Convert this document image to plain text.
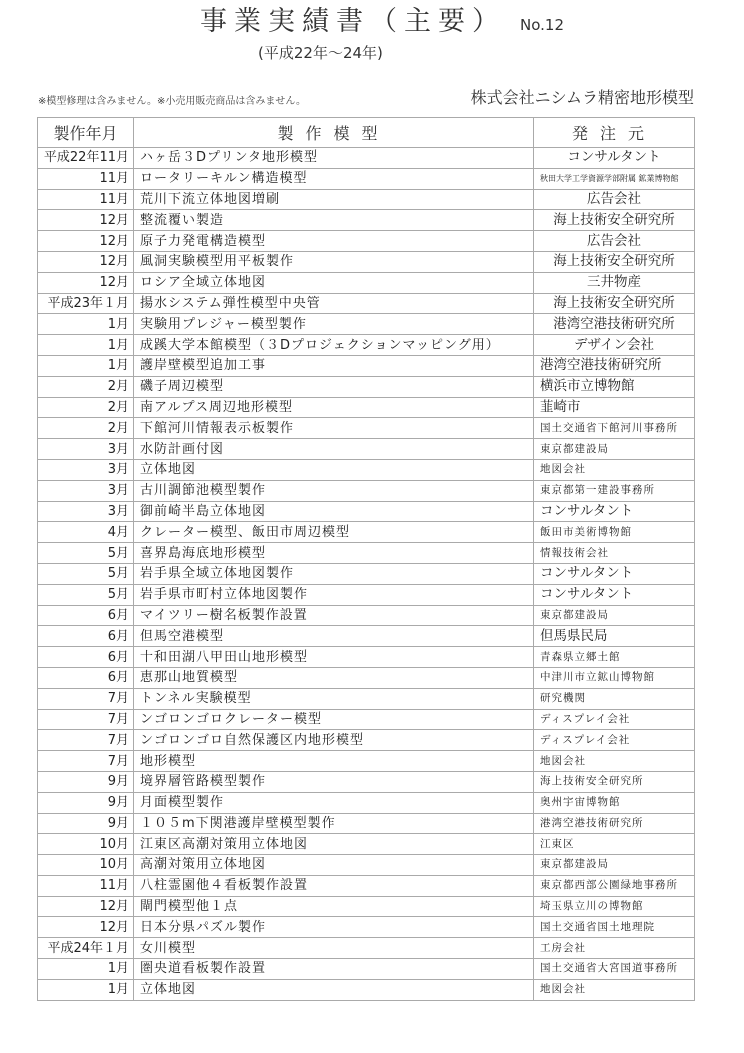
事業実績書（主要） No.12
(平成22年～24年)
※模型修理は含みません。※小売用販売商品は含みません。	株式会社ニシムラ精密地形模型
製作年月	製作模型	発注元
平成22年11月	ハヶ岳３Dプリンタ地形模型	コンサルタント
11月	ロータリーキルン構造模型	秋田大学工学資源学部附属 鉱業博物館
11月	荒川下流立体地図増刷	広告会社
12月	整流覆い製造	海上技術安全研究所
12月	原子力発電構造模型	広告会社
12月	風洞実験模型用平板製作	海上技術安全研究所
12月	ロシア全域立体地図	三井物産
平成23年１月	揚水システム弾性模型中央管	海上技術安全研究所
1月	実験用プレジャー模型製作	港湾空港技術研究所
1月	成蹊大学本館模型（３Dプロジェクションマッピング用）	デザイン会社
1月	護岸壁模型追加工事	港湾空港技術研究所
2月	磯子周辺模型	横浜市立博物館
2月	南アルプス周辺地形模型	韮崎市
2月	下館河川情報表示板製作	国土交通省下館河川事務所
3月	水防計画付図	東京都建設局
3月	立体地図	地図会社
3月	古川調節池模型製作	東京都第一建設事務所
3月	御前崎半島立体地図	コンサルタント
4月	クレーター模型、飯田市周辺模型	飯田市美術博物館
5月	喜界島海底地形模型	情報技術会社
5月	岩手県全域立体地図製作	コンサルタント
5月	岩手県市町村立体地図製作	コンサルタント
6月	マイツリー樹名板製作設置	東京都建設局
6月	但馬空港模型	但馬県民局
6月	十和田湖八甲田山地形模型	青森県立郷土館
6月	恵那山地質模型	中津川市立鉱山博物館
7月	トンネル実験模型	研究機関
7月	ンゴロンゴロクレーター模型	ディスプレイ会社
7月	ンゴロンゴロ自然保護区内地形模型	ディスプレイ会社
7月	地形模型	地図会社
9月	境界層管路模型製作	海上技術安全研究所
9月	月面模型製作	奥州宇宙博物館
9月	１０５m下関港護岸壁模型製作	港湾空港技術研究所
10月	江東区高潮対策用立体地図	江東区
10月	高潮対策用立体地図	東京都建設局
11月	八柱霊園他４看板製作設置	東京都西部公園緑地事務所
12月	閘門模型他１点	埼玉県立川の博物館
12月	日本分県パズル製作	国土交通省国土地理院
平成24年１月	女川模型	工房会社
1月	圏央道看板製作設置	国土交通省大宮国道事務所
1月	立体地図	地図会社
